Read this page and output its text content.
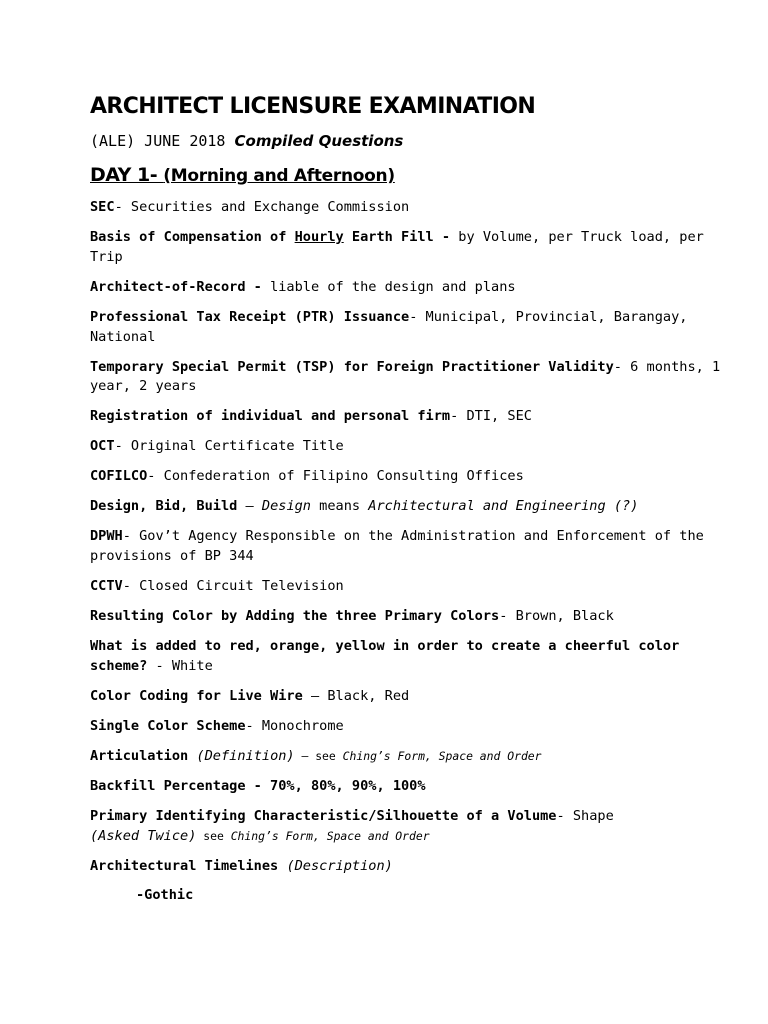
ARCHITECT LICENSURE EXAMINATION
(ALE) JUNE 2018 Compiled Questions
DAY 1- (Morning and Afternoon)
SEC- Securities and Exchange Commission
Basis of Compensation of Hourly Earth Fill - by Volume, per Truck load, per Trip
Architect-of-Record - liable of the design and plans
Professional Tax Receipt (PTR) Issuance- Municipal, Provincial, Barangay, National
Temporary Special Permit (TSP) for Foreign Practitioner Validity- 6 months, 1 year, 2 years
Registration of individual and personal firm- DTI, SEC
OCT- Original Certificate Title
COFILCO- Confederation of Filipino Consulting Offices
Design, Bid, Build – Design means Architectural and Engineering (?)
DPWH- Gov’t Agency Responsible on the Administration and Enforcement of the provisions of BP 344
CCTV- Closed Circuit Television
Resulting Color by Adding the three Primary Colors- Brown, Black
What is added to red, orange, yellow in order to create a cheerful color scheme? - White
Color Coding for Live Wire – Black, Red
Single Color Scheme- Monochrome
Articulation (Definition) – see Ching’s Form, Space and Order
Backfill Percentage - 70%, 80%, 90%, 100%
Primary Identifying Characteristic/Silhouette of a Volume- Shape
(Asked Twice) see Ching’s Form, Space and Order
Architectural Timelines (Description)
-Gothic
